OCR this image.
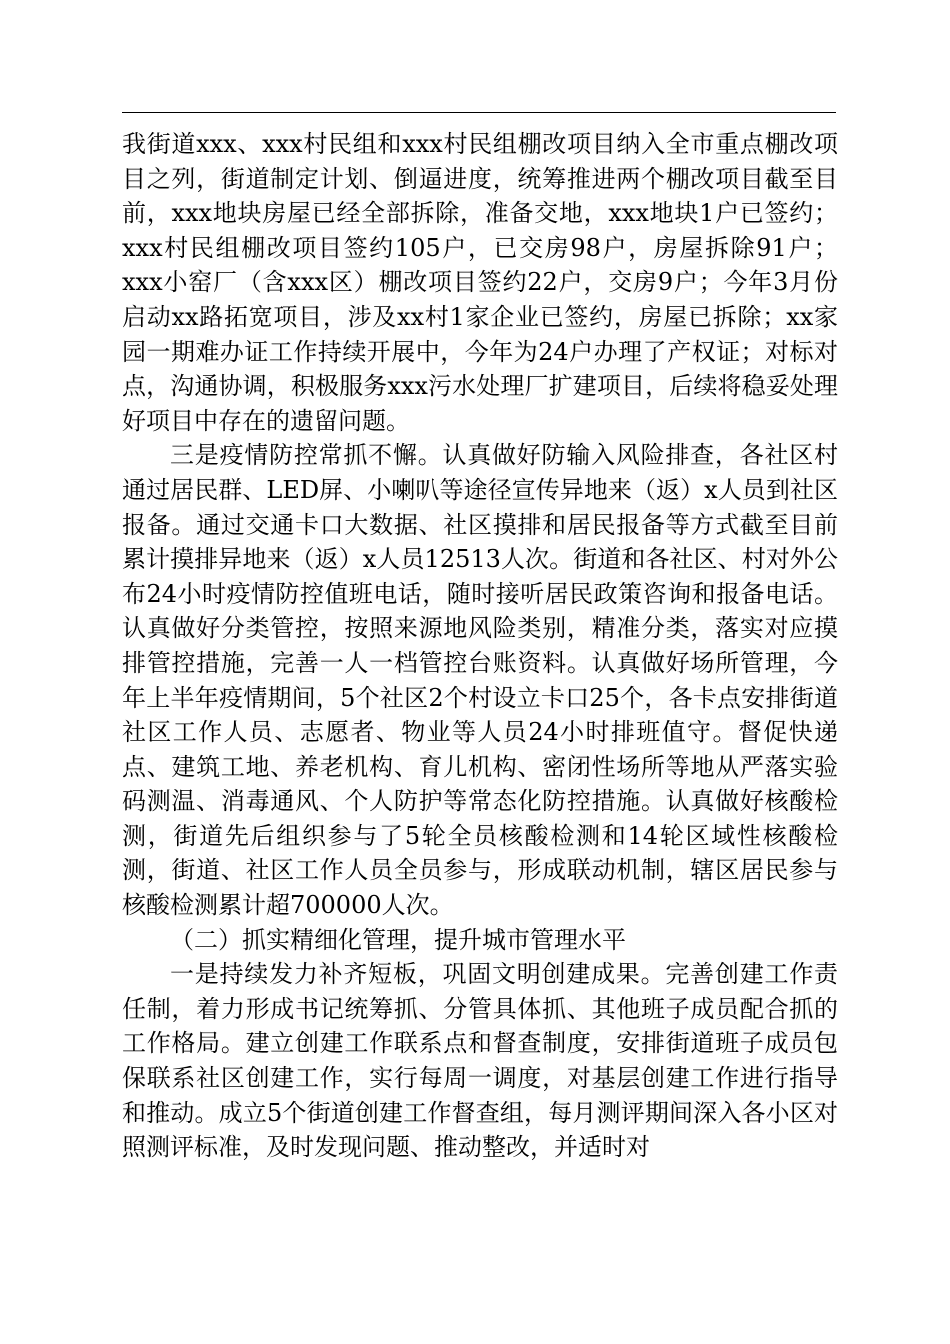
我街道xxx、xxx村民组和xxx村民组棚改项目纳入全市重点棚改项目之列，街道制定计划、倒逼进度，统筹推进两个棚改项目截至目前，xxx地块房屋已经全部拆除，准备交地，xxx地块1户已签约；xxx村民组棚改项目签约105户，已交房98户，房屋拆除91户；xxx小窑厂（含xxx区）棚改项目签约22户，交房9户；今年3月份启动xx路拓宽项目，涉及xx村1家企业已签约，房屋已拆除；xx家园一期难办证工作持续开展中，今年为24户办理了产权证；对标对点，沟通协调，积极服务xxx污水处理厂扩建项目，后续将稳妥处理好项目中存在的遗留问题。

三是疫情防控常抓不懈。认真做好防输入风险排查，各社区村通过居民群、LED屏、小喇叭等途径宣传异地来（返）x人员到社区报备。通过交通卡口大数据、社区摸排和居民报备等方式截至目前累计摸排异地来（返）x人员12513人次。街道和各社区、村对外公布24小时疫情防控值班电话，随时接听居民政策咨询和报备电话。认真做好分类管控，按照来源地风险类别，精准分类，落实对应摸排管控措施，完善一人一档管控台账资料。认真做好场所管理，今年上半年疫情期间，5个社区2个村设立卡口25个，各卡点安排街道社区工作人员、志愿者、物业等人员24小时排班值守。督促快递点、建筑工地、养老机构、育儿机构、密闭性场所等地从严落实验码测温、消毒通风、个人防护等常态化防控措施。认真做好核酸检测，街道先后组织参与了5轮全员核酸检测和14轮区域性核酸检测，街道、社区工作人员全员参与，形成联动机制，辖区居民参与核酸检测累计超700000人次。

（二）抓实精细化管理，提升城市管理水平

一是持续发力补齐短板，巩固文明创建成果。完善创建工作责任制，着力形成书记统筹抓、分管具体抓、其他班子成员配合抓的工作格局。建立创建工作联系点和督查制度，安排街道班子成员包保联系社区创建工作，实行每周一调度，对基层创建工作进行指导和推动。成立5个街道创建工作督查组，每月测评期间深入各小区对照测评标准，及时发现问题、推动整改，并适时对
